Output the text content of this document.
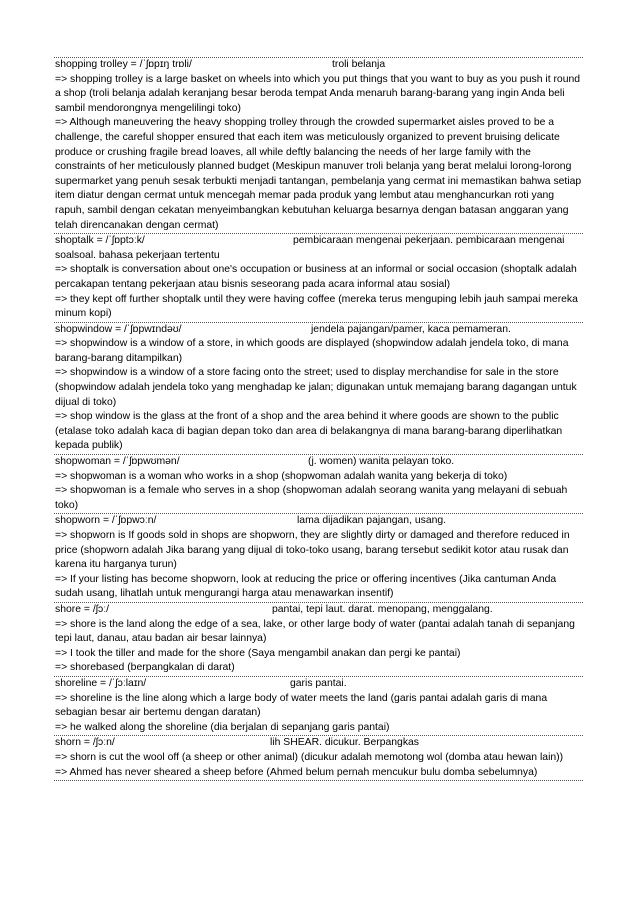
shopping trolley = /ˈʃɒpɪŋ trɒli/	troli belanja

=> shopping trolley is a large basket on wheels into which you put things that you want to buy as you push it round a shop (troli belanja adalah keranjang besar beroda tempat Anda menaruh barang-barang yang ingin Anda beli sambil mendorongnya mengelilingi toko)

=> Although maneuvering the heavy shopping trolley through the crowded supermarket aisles proved to be a challenge, the careful shopper ensured that each item was meticulously organized to prevent bruising delicate produce or crushing fragile bread loaves, all while deftly balancing the needs of her large family with the constraints of her meticulously planned budget (Meskipun manuver troli belanja yang berat melalui lorong-lorong supermarket yang penuh sesak terbukti menjadi tantangan, pembelanja yang cermat ini memastikan bahwa setiap item diatur dengan cermat untuk mencegah memar pada produk yang lembut atau menghancurkan roti yang rapuh, sambil dengan cekatan menyeimbangkan kebutuhan keluarga besarnya dengan batasan anggaran yang telah direncanakan dengan cermat)

shoptalk = /ˈʃɒptɔːk/	pembicaraan mengenai pekerjaan. pembicaraan mengenai
soalsoal. bahasa pekerjaan tertentu

=> shoptalk is conversation about one's occupation or business at an informal or social occasion (shoptalk adalah percakapan tentang pekerjaan atau bisnis seseorang pada acara informal atau sosial)

=> they kept off further shoptalk until they were having coffee (mereka terus menguping lebih jauh sampai mereka minum kopi)

shopwindow = /ˈʃɒpwɪndəʊ/	jendela pajangan/pamer, kaca pemameran.

=> shopwindow is a window of a store, in which goods are displayed (shopwindow adalah jendela toko, di mana barang-barang ditampilkan)

=> shopwindow is a window of a store facing onto the street; used to display merchandise for sale in the store (shopwindow adalah jendela toko yang menghadap ke jalan; digunakan untuk memajang barang dagangan untuk dijual di toko)

=> shop window is the glass at the front of a shop and the area behind it where goods are shown to the public (etalase toko adalah kaca di bagian depan toko dan area di belakangnya di mana barang-barang diperlihatkan kepada publik)

shopwoman = /ˈʃɒpwʊmən/	(j. women) wanita pelayan toko.

=> shopwoman is a woman who works in a shop (shopwoman adalah wanita yang bekerja di toko)

=> shopwoman is a female who serves in a shop (shopwoman adalah seorang wanita yang melayani di sebuah toko)

shopworn = /ˈʃɒpwɔːn/	lama dijadikan pajangan, usang.

=> shopworn is If goods sold in shops are shopworn, they are slightly dirty or damaged and therefore reduced in price (shopworn adalah Jika barang yang dijual di toko-toko usang, barang tersebut sedikit kotor atau rusak dan karena itu harganya turun)

=> If your listing has become shopworn, look at reducing the price or offering incentives (Jika cantuman Anda sudah usang, lihatlah untuk mengurangi harga atau menawarkan insentif)

shore = /ʃɔː/	pantai, tepi laut. darat. menopang, menggalang.

=> shore is the land along the edge of a sea, lake, or other large body of water (pantai adalah tanah di sepanjang tepi laut, danau, atau badan air besar lainnya)

=> I took the tiller and made for the shore (Saya mengambil anakan dan pergi ke pantai)

=> shorebased (berpangkalan di darat)

shoreline = /ˈʃɔːlaɪn/	garis pantai.

=> shoreline is the line along which a large body of water meets the land (garis pantai adalah garis di mana sebagian besar air bertemu dengan daratan)

=> he walked along the shoreline (dia berjalan di sepanjang garis pantai)

shorn = /ʃɔːn/	lih SHEAR. dicukur. Berpangkas

=> shorn is cut the wool off (a sheep or other animal) (dicukur adalah memotong wol (domba atau hewan lain))

=> Ahmed has never sheared a sheep before (Ahmed belum pernah mencukur bulu domba sebelumnya)
